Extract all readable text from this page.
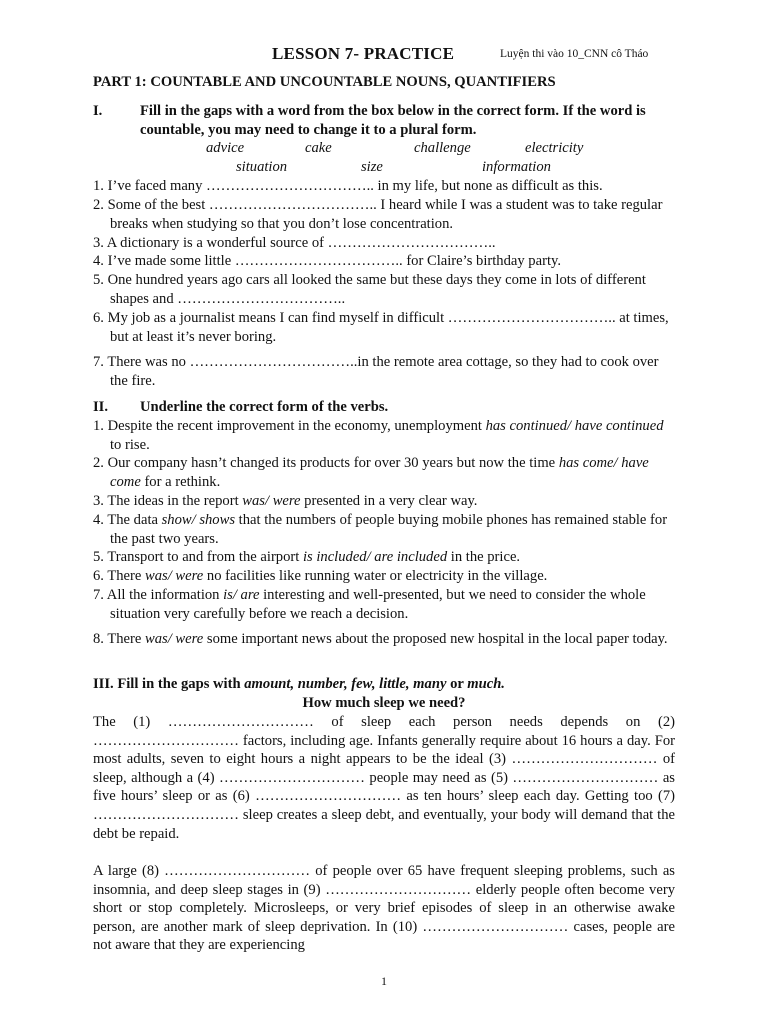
LESSON 7- PRACTICE	Luyện thi vào 10_CNN cô Tháo
PART 1: COUNTABLE AND UNCOUNTABLE NOUNS, QUANTIFIERS
I.	Fill in the gaps with a word from the box below in the correct form. If the word is countable, you may need to change it to a plural form.
advice	cake	challenge	electricity
situation	size	information
1. I’ve faced many …………………………….. in my life, but none as difficult as this.
2. Some of the best …………………………….. I heard while I was a student was to take regular breaks when studying so that you don’t lose concentration.
3. A dictionary is a wonderful source of ……………………………..
4. I’ve made some little …………………………….. for Claire’s birthday party.
5. One hundred years ago cars all looked the same but these days they come in lots of different shapes and ……………………………..
6. My job as a journalist means I can find myself in difficult …………………………….. at times, but at least it’s never boring.
7. There was no ……………………………..in the remote area cottage, so they had to cook over the fire.
II. Underline the correct form of the verbs.
1. Despite the recent improvement in the economy, unemployment has continued/ have continued to rise.
2. Our company hasn’t changed its products for over 30 years but now the time has come/ have come for a rethink.
3. The ideas in the report was/ were presented in a very clear way.
4. The data show/ shows that the numbers of people buying mobile phones has remained stable for the past two years.
5. Transport to and from the airport is included/ are included in the price.
6. There was/ were no facilities like running water or electricity in the village.
7. All the information is/ are interesting and well-presented, but we need to consider the whole situation very carefully before we reach a decision.
8. There was/ were some important news about the proposed new hospital in the local paper today.
III. Fill in the gaps with amount, number, few, little, many or much.
How much sleep we need?
The (1) ………………………… of sleep each person needs depends on (2) ………………………… factors, including age. Infants generally require about 16 hours a day. For most adults, seven to eight hours a night appears to be the ideal (3) ………………………… of sleep, although a (4) ………………………… people may need as (5) ………………………… as five hours’ sleep or as (6) ………………………… as ten hours’ sleep each day. Getting too (7) ………………………… sleep creates a sleep debt, and eventually, your body will demand that the debt be repaid.
A large (8) ………………………… of people over 65 have frequent sleeping problems, such as insomnia, and deep sleep stages in (9) ………………………… elderly people often become very short or stop completely. Microsleeps, or very brief episodes of sleep in an otherwise awake person, are another mark of sleep deprivation. In (10) ………………………… cases, people are not aware that they are experiencing
1
